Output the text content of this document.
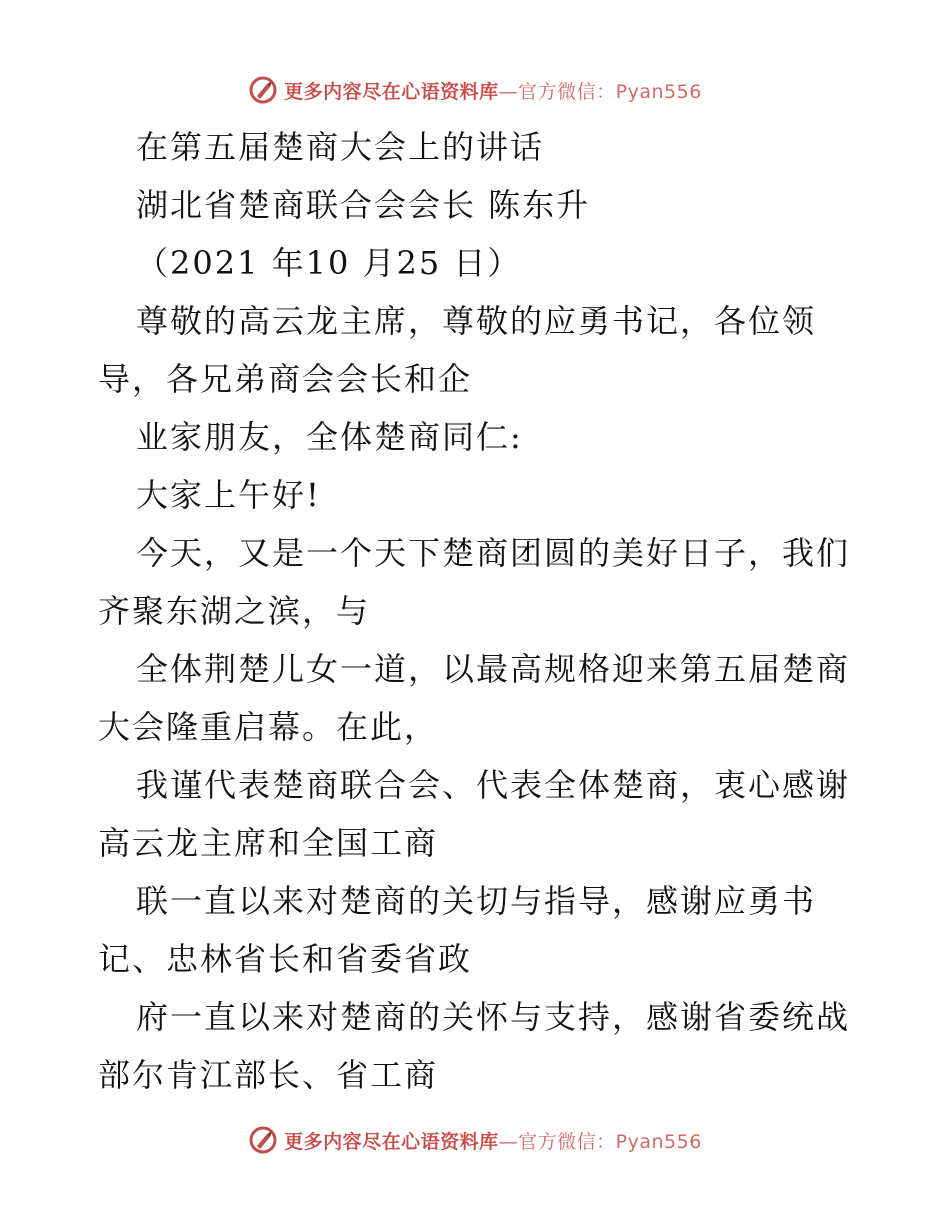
更多内容尽在心语资料库—官方微信：Pyan556
在第五届楚商大会上的讲话
湖北省楚商联合会会长 陈东升
（2021 年10 月25 日）
尊敬的高云龙主席，尊敬的应勇书记，各位领
导，各兄弟商会会长和企
业家朋友，全体楚商同仁:
大家上午好!
今天，又是一个天下楚商团圆的美好日子，我们
齐聚东湖之滨，与
全体荆楚儿女一道，以最高规格迎来第五届楚商
大会隆重启幕。在此，
我谨代表楚商联合会、代表全体楚商，衷心感谢
高云龙主席和全国工商
联一直以来对楚商的关切与指导，感谢应勇书
记、忠林省长和省委省政
府一直以来对楚商的关怀与支持，感谢省委统战
部尔肯江部长、省工商
更多内容尽在心语资料库—官方微信：Pyan556
